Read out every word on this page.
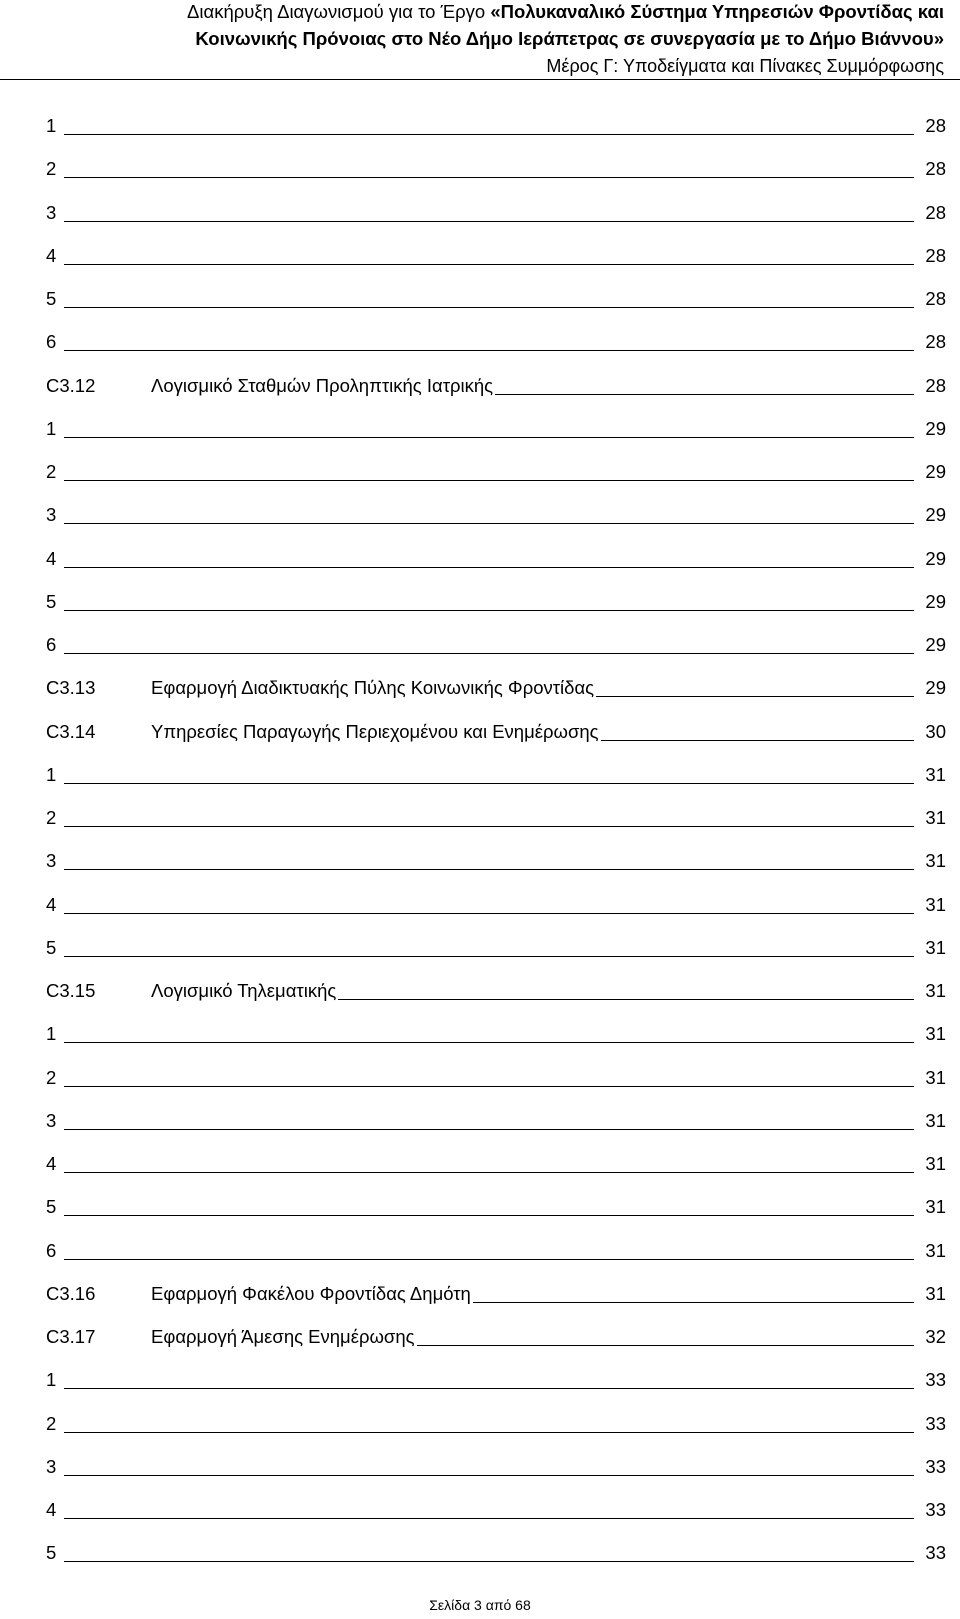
Διακήρυξη Διαγωνισμού για το Έργο «Πολυκαναλικό Σύστημα Υπηρεσιών Φροντίδας και
Κοινωνικής Πρόνοιας στο Νέο Δήμο Ιεράπετρας σε συνεργασία με το Δήμο Βιάννου»
Μέρος Γ: Υποδείγματα και Πίνακες Συμμόρφωσης
1	28
2	28
3	28
4	28
5	28
6	28
C3.12	Λογισμικό Σταθμών Προληπτικής Ιατρικής	28
1	29
2	29
3	29
4	29
5	29
6	29
C3.13	Εφαρμογή Διαδικτυακής Πύλης Κοινωνικής Φροντίδας	29
C3.14	Υπηρεσίες Παραγωγής Περιεχομένου και Ενημέρωσης	30
1	31
2	31
3	31
4	31
5	31
C3.15	Λογισμικό Τηλεματικής	31
1	31
2	31
3	31
4	31
5	31
6	31
C3.16	Εφαρμογή Φακέλου Φροντίδας Δημότη	31
C3.17	Εφαρμογή Άμεσης Ενημέρωσης	32
1	33
2	33
3	33
4	33
5	33
Σελίδα 3 από 68
